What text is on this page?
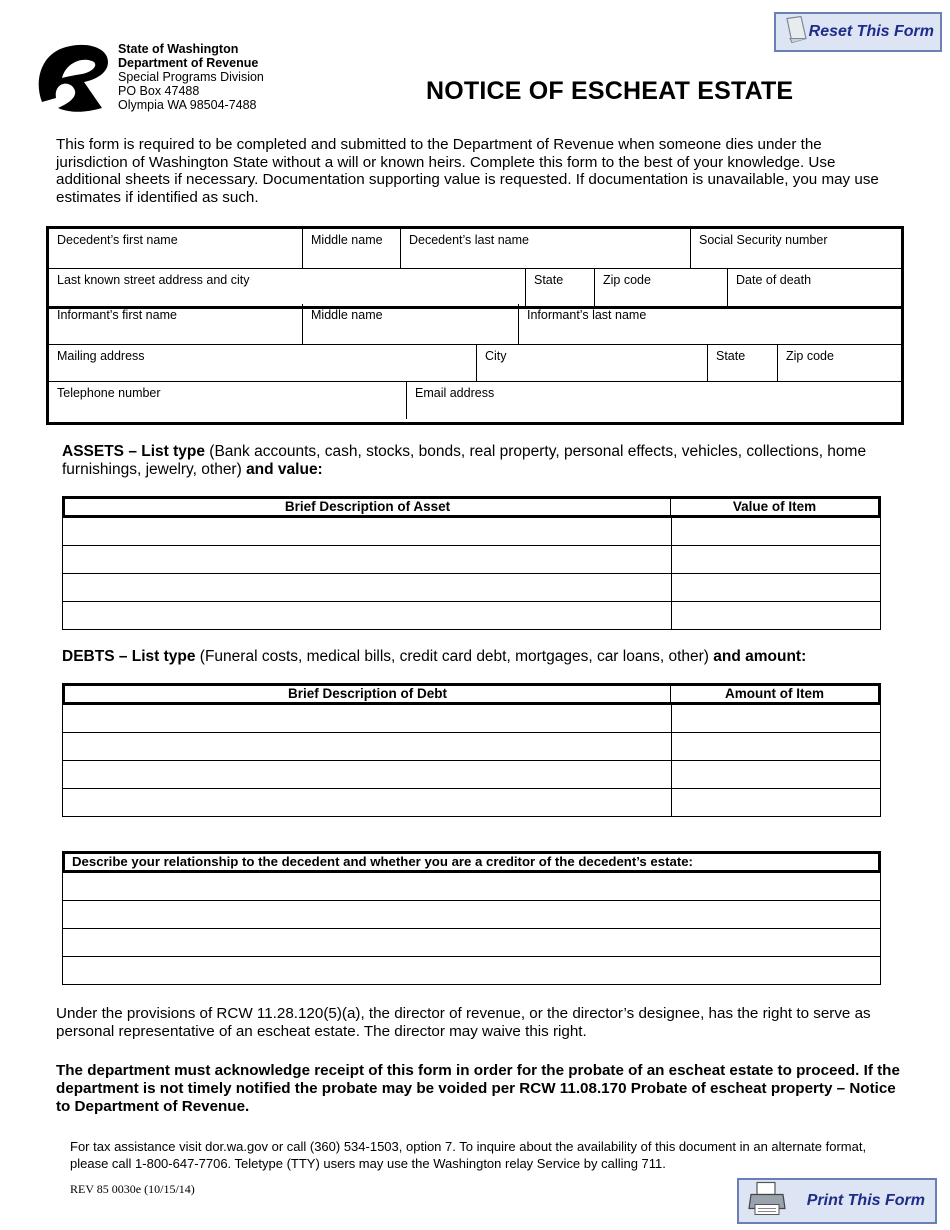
Reset This Form
State of Washington
Department of Revenue
Special Programs Division
PO Box 47488
Olympia WA 98504-7488	NOTICE OF ESCHEAT ESTATE
This form is required to be completed and submitted to the Department of Revenue when someone dies under the jurisdiction of Washington State without a will or known heirs. Complete this form to the best of your knowledge. Use additional sheets if necessary. Documentation supporting value is requested. If documentation is unavailable, you may use estimates if identified as such.
Decedent’s first name	Middle name	Decedent’s last name	Social Security number
Last known street address and city	State	Zip code	Date of death
Informant’s first name	Middle name	Informant’s last name
Mailing address	City	State	Zip code
Telephone number	Email address
ASSETS – List type (Bank accounts, cash, stocks, bonds, real property, personal effects, vehicles, collections, home furnishings, jewelry, other) and value:
Brief Description of Asset	Value of Item
DEBTS – List type (Funeral costs, medical bills, credit card debt, mortgages, car loans, other) and amount:
Brief Description of Debt	Amount of Item
Describe your relationship to the decedent and whether you are a creditor of the decedent’s estate:
Under the provisions of RCW 11.28.120(5)(a), the director of revenue, or the director’s designee, has the right to serve as personal representative of an escheat estate. The director may waive this right.
The department must acknowledge receipt of this form in order for the probate of an escheat estate to proceed. If the department is not timely notified the probate may be voided per RCW 11.08.170 Probate of escheat property – Notice to Department of Revenue.
For tax assistance visit dor.wa.gov or call (360) 534-1503, option 7. To inquire about the availability of this document in an alternate format, please call 1-800-647-7706. Teletype (TTY) users may use the Washington relay Service by calling 711.
REV 85 0030e (10/15/14)
Print This Form
